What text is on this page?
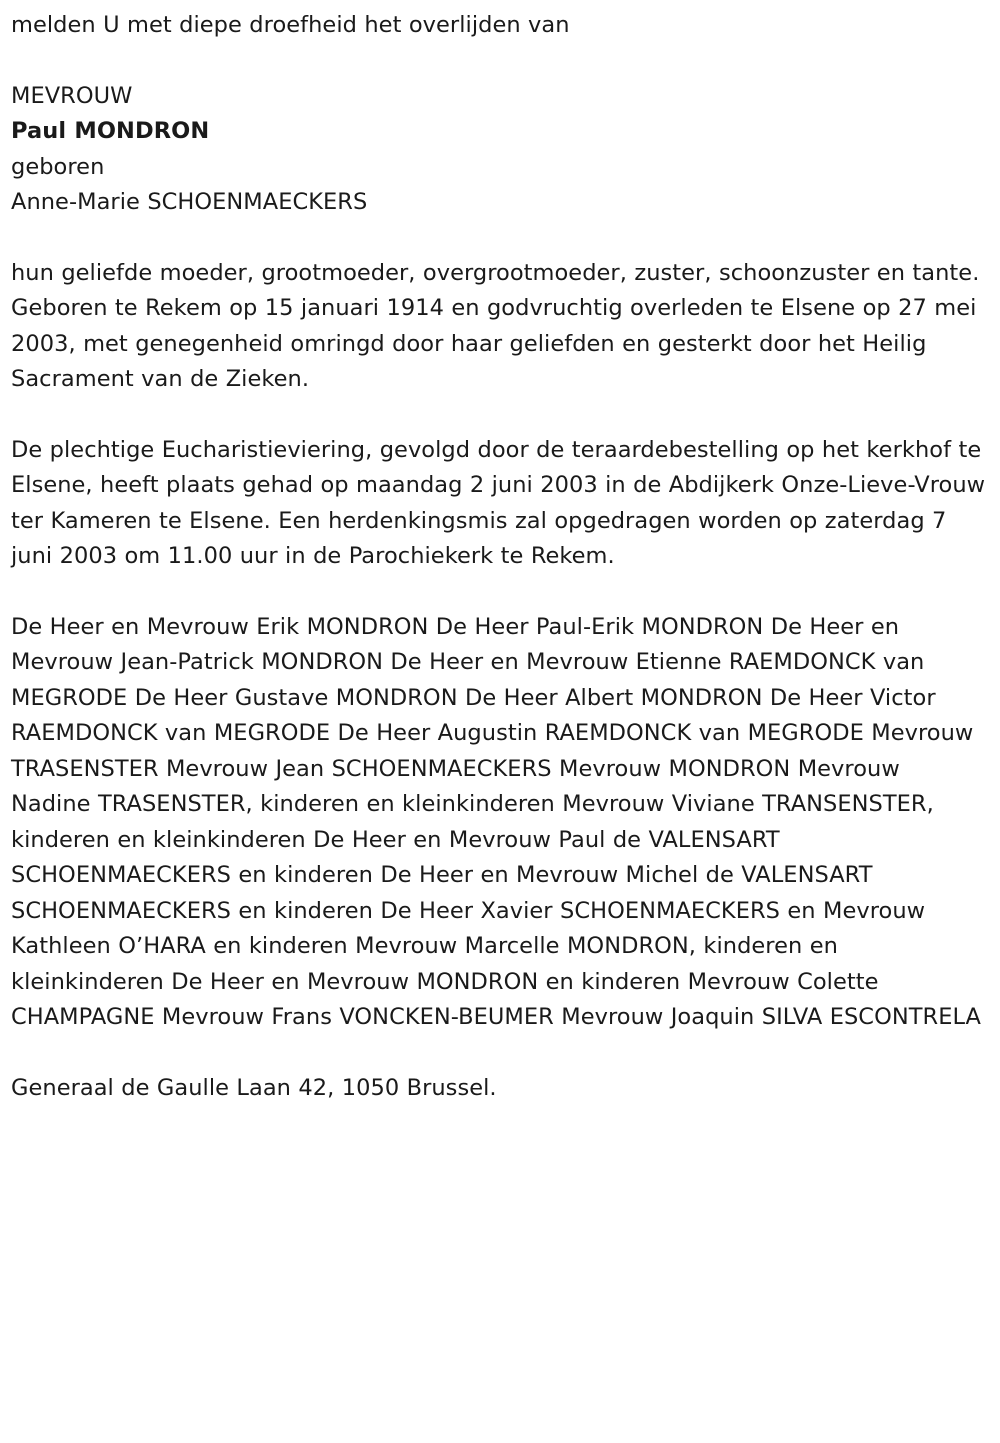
melden U met diepe droefheid het overlijden van
MEVROUW
Paul MONDRON
geboren
Anne-Marie SCHOENMAECKERS
hun geliefde moeder, grootmoeder, overgrootmoeder, zuster, schoonzuster en tante. Geboren te Rekem op 15 januari 1914 en godvruchtig overleden te Elsene op 27 mei 2003, met genegenheid omringd door haar geliefden en gesterkt door het Heilig Sacrament van de Zieken.
De plechtige Eucharistieviering, gevolgd door de teraardebestelling op het kerkhof te Elsene, heeft plaats gehad op maandag 2 juni 2003 in de Abdijkerk Onze-Lieve-Vrouw ter Kameren te Elsene. Een herdenkingsmis zal opgedragen worden op zaterdag 7 juni 2003 om 11.00 uur in de Parochiekerk te Rekem.
De Heer en Mevrouw Erik MONDRON De Heer Paul-Erik MONDRON De Heer en Mevrouw Jean-Patrick MONDRON De Heer en Mevrouw Etienne RAEMDONCK van MEGRODE De Heer Gustave MONDRON De Heer Albert MONDRON De Heer Victor RAEMDONCK van MEGRODE De Heer Augustin RAEMDONCK van MEGRODE Mevrouw TRASENSTER Mevrouw Jean SCHOENMAECKERS Mevrouw MONDRON Mevrouw Nadine TRASENSTER, kinderen en kleinkinderen Mevrouw Viviane TRANSENSTER, kinderen en kleinkinderen De Heer en Mevrouw Paul de VALENSART SCHOENMAECKERS en kinderen De Heer en Mevrouw Michel de VALENSART SCHOENMAECKERS en kinderen De Heer Xavier SCHOENMAECKERS en Mevrouw Kathleen OʼHARA en kinderen Mevrouw Marcelle MONDRON, kinderen en kleinkinderen De Heer en Mevrouw MONDRON en kinderen Mevrouw Colette CHAMPAGNE Mevrouw Frans VONCKEN-BEUMER Mevrouw Joaquin SILVA ESCONTRELA
Generaal de Gaulle Laan 42, 1050 Brussel.
